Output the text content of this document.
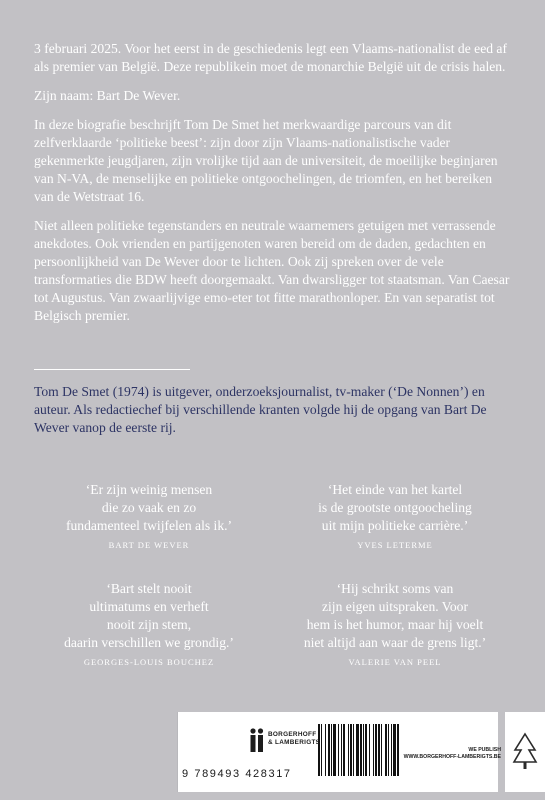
3 februari 2025. Voor het eerst in de geschiedenis legt een Vlaams-nationalist de eed af als premier van België. Deze republikein moet de monarchie België uit de crisis halen.

Zijn naam: Bart De Wever.

In deze biografie beschrijft Tom De Smet het merkwaardige parcours van dit zelfverklaarde ‘politieke beest’: zijn door zijn Vlaams-nationalistische vader gekenmerkte jeugdjaren, zijn vrolijke tijd aan de universiteit, de moeilijke beginjaren van N-VA, de menselijke en politieke ontgoochelingen, de triomfen, en het bereiken van de Wetstraat 16.

Niet alleen politieke tegenstanders en neutrale waarnemers getuigen met verrassende anekdotes. Ook vrienden en partijgenoten waren bereid om de daden, gedachten en persoonlijkheid van De Wever door te lichten. Ook zij spreken over de vele transformaties die BDW heeft doorgemaakt. Van dwarsligger tot staatsman. Van Caesar tot Augustus. Van zwaarlijvige emo-eter tot fitte marathonloper. En van separatist tot Belgisch premier.

Tom De Smet (1974) is uitgever, onderzoeksjournalist, tv-maker (‘De Nonnen’) en auteur. Als redactiechef bij verschillende kranten volgde hij de opgang van Bart De Wever vanop de eerste rij.

‘Er zijn weinig mensen
die zo vaak en zo
fundamenteel twijfelen als ik.’
BART DE WEVER
‘Het einde van het kartel
is de grootste ontgoocheling
uit mijn politieke carrière.’
YVES LETERME
‘Bart stelt nooit
ultimatums en verheft
nooit zijn stem,
daarin verschillen we grondig.’
GEORGES-LOUIS BOUCHEZ
‘Hij schrikt soms van
zijn eigen uitspraken. Voor
hem is het humor, maar hij voelt
niet altijd aan waar de grens ligt.’
VALERIE VAN PEEL
9 789493 428317
BORGERHOFF
& LAMBERIGTS
WE PUBLISH
WWW.BORGERHOFF-LAMBERIGTS.BE
